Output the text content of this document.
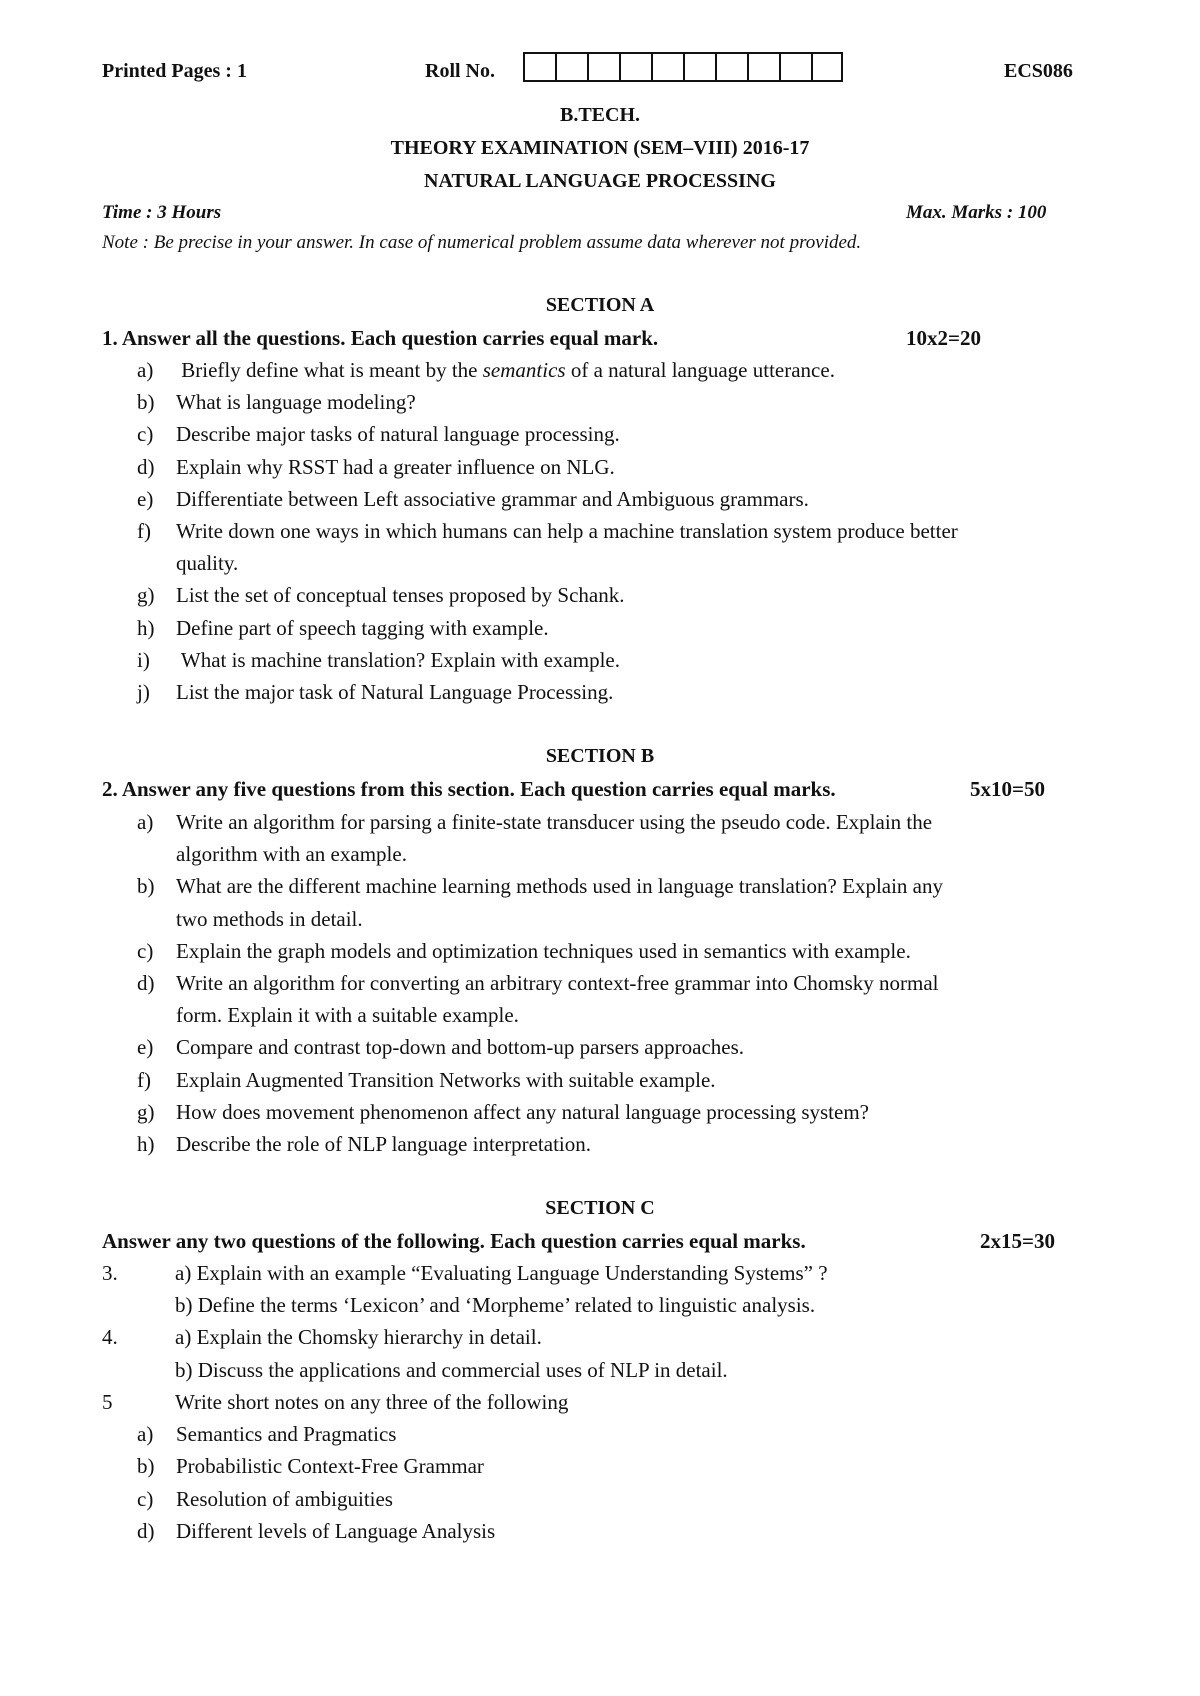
Printed Pages : 1	Roll No.	ECS086
B.TECH.
THEORY EXAMINATION (SEM–VIII) 2016-17
NATURAL LANGUAGE PROCESSING
Time : 3 Hours	Max. Marks : 100
Note : Be precise in your answer. In case of numerical problem assume data wherever not provided.
SECTION A
1. Answer all the questions. Each question carries equal mark.	10x2=20
a) Briefly define what is meant by the semantics of a natural language utterance.
b) What is language modeling?
c) Describe major tasks of natural language processing.
d) Explain why RSST had a greater influence on NLG.
e) Differentiate between Left associative grammar and Ambiguous grammars.
f) Write down one ways in which humans can help a machine translation system produce better
quality.
g) List the set of conceptual tenses proposed by Schank.
h) Define part of speech tagging with example.
i) What is machine translation? Explain with example.
j) List the major task of Natural Language Processing.
SECTION B
2. Answer any five questions from this section. Each question carries equal marks.	5x10=50
a) Write an algorithm for parsing a finite-state transducer using the pseudo code. Explain the
algorithm with an example.
b) What are the different machine learning methods used in language translation? Explain any
two methods in detail.
c) Explain the graph models and optimization techniques used in semantics with example.
d) Write an algorithm for converting an arbitrary context-free grammar into Chomsky normal
form. Explain it with a suitable example.
e) Compare and contrast top-down and bottom-up parsers approaches.
f) Explain Augmented Transition Networks with suitable example.
g) How does movement phenomenon affect any natural language processing system?
h) Describe the role of NLP language interpretation.
SECTION C
Answer any two questions of the following. Each question carries equal marks.	2x15=30
3.	a) Explain with an example “Evaluating Language Understanding Systems” ?
b) Define the terms ‘Lexicon’ and ‘Morpheme’ related to linguistic analysis.
4.	a) Explain the Chomsky hierarchy in detail.
b) Discuss the applications and commercial uses of NLP in detail.
5	Write short notes on any three of the following
a) Semantics and Pragmatics
b) Probabilistic Context-Free Grammar
c) Resolution of ambiguities
d) Different levels of Language Analysis
